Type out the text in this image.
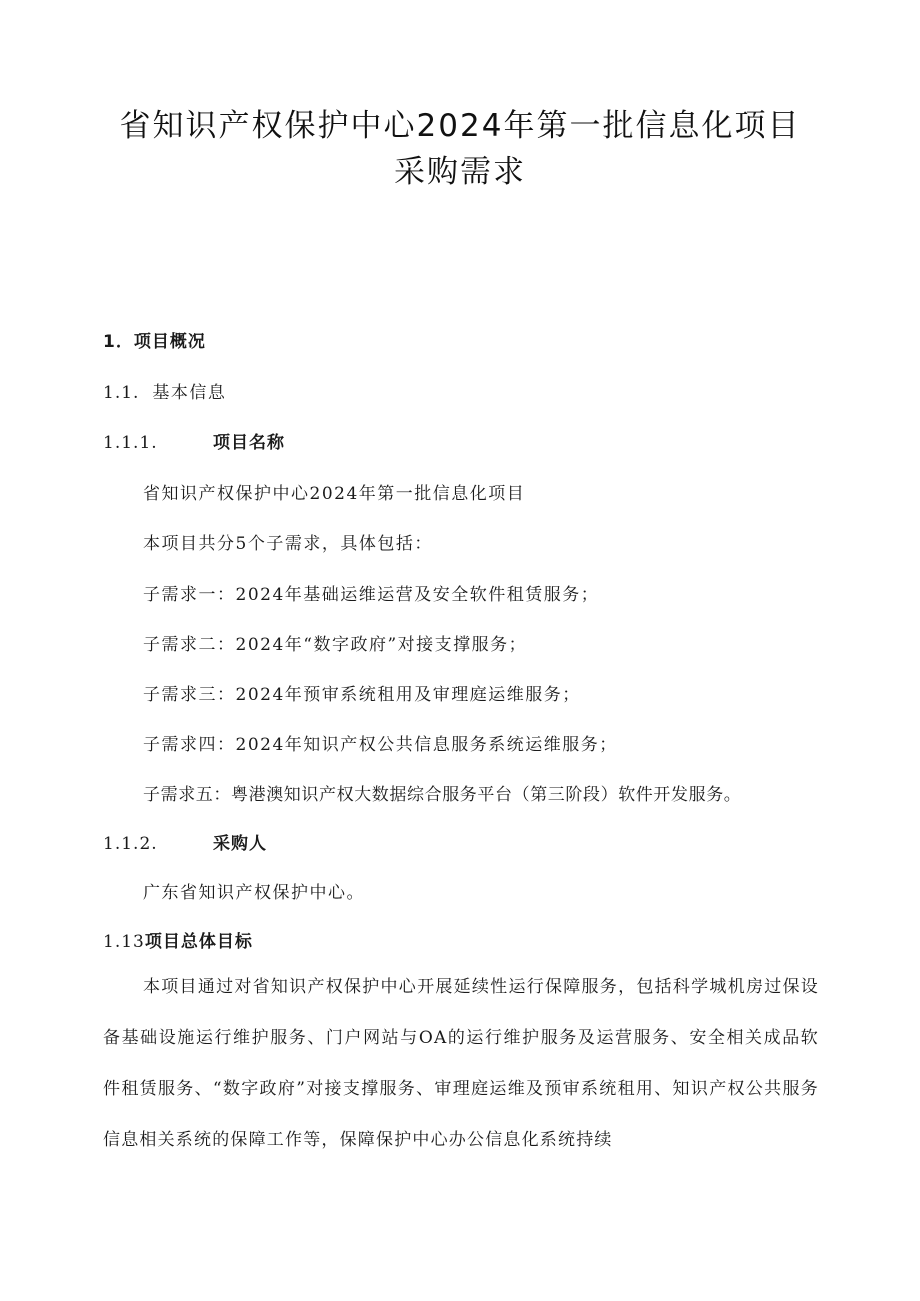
省知识产权保护中心2024年第一批信息化项目
采购需求
1．项目概况
1.1. 基本信息
1.1.1.	项目名称
省知识产权保护中心2024年第一批信息化项目
本项目共分5个子需求，具体包括：
子需求一：2024年基础运维运营及安全软件租赁服务；
子需求二：2024年“数字政府”对接支撑服务；
子需求三：2024年预审系统租用及审理庭运维服务；
子需求四：2024年知识产权公共信息服务系统运维服务；
子需求五：粤港澳知识产权大数据综合服务平台（第三阶段）软件开发服务。
1.1.2.	采购人
广东省知识产权保护中心。
1.13项目总体目标
本项目通过对省知识产权保护中心开展延续性运行保障服务，包括科学城机房过保设备基础设施运行维护服务、门户网站与OA的运行维护服务及运营服务、安全相关成品软件租赁服务、“数字政府”对接支撑服务、审理庭运维及预审系统租用、知识产权公共服务信息相关系统的保障工作等，保障保护中心办公信息化系统持续
